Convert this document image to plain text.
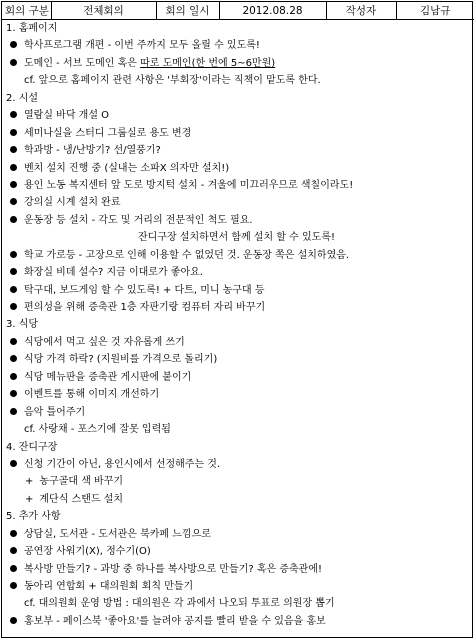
회의 구분	전체회의	회의 일시	2012.08.28	작성자	김남규
1. 홈페이지
학사프로그램 개편 - 이번 주까지 모두 올릴 수 있도록!
도메인 - 서브 도메인 혹은 따로 도메인(한 번에 5~6만원)
cf. 앞으로 홈페이지 관련 사항은 '부회장'이라는 직책이 맡도록 한다.
2. 시설
열람실 바닥 개설 O
세미나실을 스터디 그룹실로 용도 변경
학과방 - 냉/난방기? 선/열풍기?
벤치 설치 진행 중 (실내는 소파X 의자만 설치!)
용인 노동 복지센터 앞 도로 방지턱 설치 - 겨울에 미끄러우므로 색칠이라도!
강의실 시계 설치 완료
운동장 등 설치 - 각도 및 거리의 전문적인 척도 필요.
잔디구장 설치하면서 함께 설치 할 수 있도록!
학교 가로등 - 고장으로 인해 이용할 수 없었던 것. 운동장 쪽은 설치하였음.
화장실 비데 설수? 지금 이대로가 좋아요.
탁구대, 보드게임 할 수 있도록! + 다트, 미니 농구대 등
편의성을 위해 증축관 1층 자판기랑 컴퓨터 자리 바꾸기
3. 식당
식당에서 먹고 싶은 것 자유롭게 쓰기
식당 가격 하락? (지원비를 가격으로 돌리기)
식당 메뉴판을 증축관 게시판에 붙이기
이벤트를 통해 이미지 개선하기
음악 틀어주기
cf. 사랑채 - 포스기에 잘못 입력됨
4. 잔디구장
신청 기간이 아닌, 용인시에서 선정해주는 것.
+ 농구골대 색 바꾸기
+ 계단식 스탠드 설치
5. 추가 사항
상담실, 도서관 - 도서관은 북카페 느낌으로
공연장 사워기(X), 정수기(O)
복사방 만들기? - 과방 중 하나를 복사방으로 만들기? 혹은 증축관에!
동아리 연합회 + 대의원회 회칙 만들기
cf. 대의원회 운영 방법 : 대의원은 각 과에서 나오되 투표로 의원장 뽑기
홍보부 - 페이스북 '좋아요'를 늘려야 공지를 빨리 받을 수 있음을 홍보
